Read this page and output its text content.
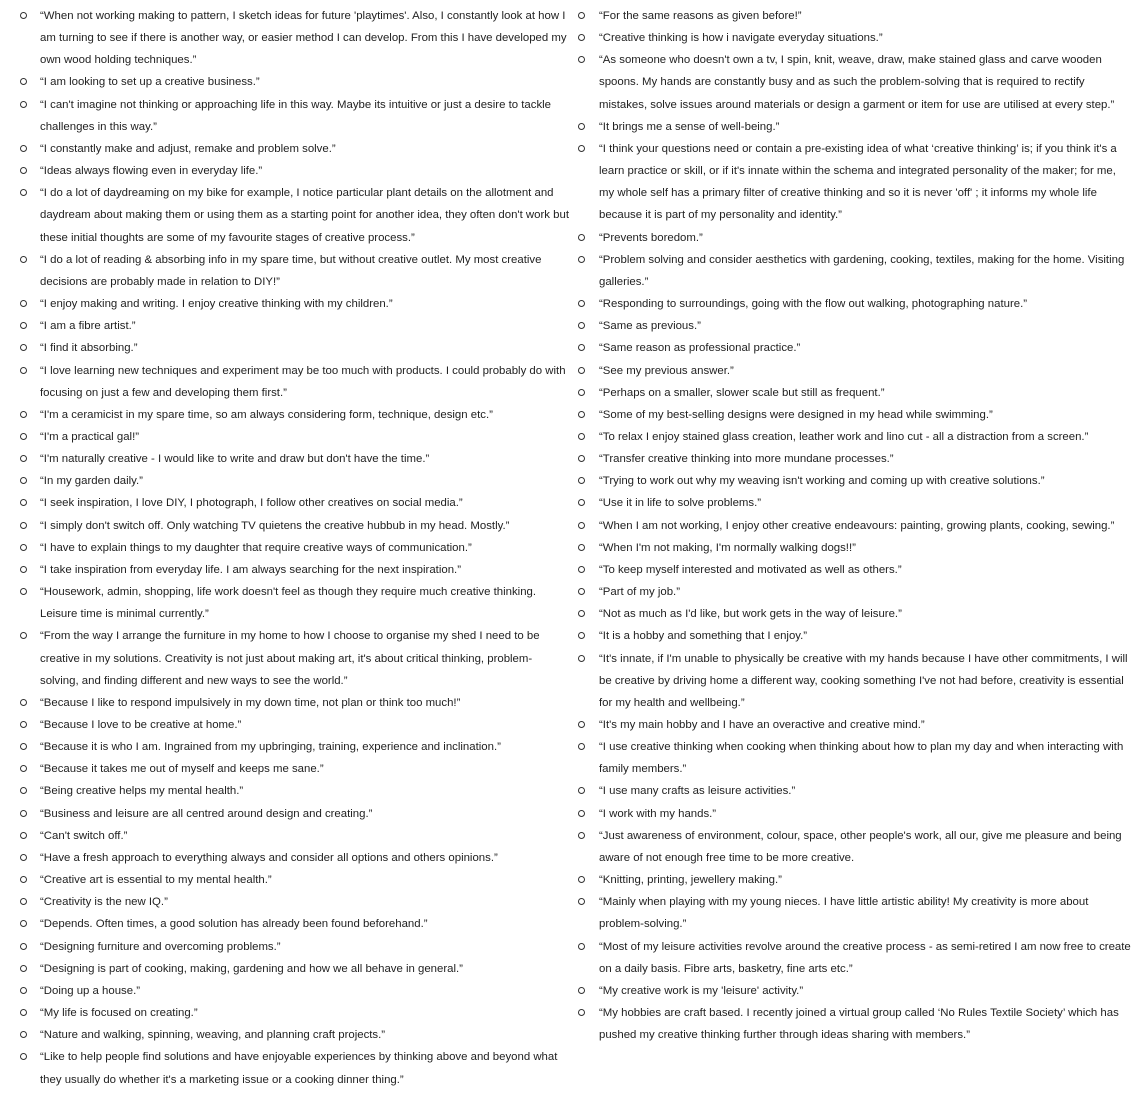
“When not working making to pattern, I sketch ideas for future 'playtimes'. Also, I constantly look at how I am turning to see if there is another way, or easier method I can develop. From this I have developed my own wood holding techniques.”
“I am looking to set up a creative business.”
“I can't imagine not thinking or approaching life in this way. Maybe its intuitive or just a desire to tackle challenges in this way.”
“I constantly make and adjust, remake and problem solve.”
“Ideas always flowing even in everyday life.”
“I do a lot of daydreaming on my bike for example, I notice particular plant details on the allotment and daydream about making them or using them as a starting point for another idea, they often don't work but these initial thoughts are some of my favourite stages of creative process.”
“I do a lot of reading & absorbing info in my spare time, but without creative outlet. My most creative decisions are probably made in relation to DIY!”
“I enjoy making and writing. I enjoy creative thinking with my children.”
“I am a fibre artist.”
“I find it absorbing.”
“I love learning new techniques and experiment may be too much with products. I could probably do with focusing on just a few and developing them first.”
“I'm a ceramicist in my spare time, so am always considering form, technique, design etc.”
“I'm a practical gal!”
“I'm naturally creative - I would like to write and draw but don't have the time.”
“In my garden daily.”
“I seek inspiration, I love DIY, I photograph, I follow other creatives on social media.”
“I simply don't switch off. Only watching TV quietens the creative hubbub in my head. Mostly.”
“I have to explain things to my daughter that require creative ways of communication.”
“I take inspiration from everyday life. I am always searching for the next inspiration.”
“Housework, admin, shopping, life work doesn't feel as though they require much creative thinking. Leisure time is minimal currently.”
“From the way I arrange the furniture in my home to how I choose to organise my shed I need to be creative in my solutions. Creativity is not just about making art, it's about critical thinking, problem-solving, and finding different and new ways to see the world.”
“Because I like to respond impulsively in my down time, not plan or think too much!”
“Because I love to be creative at home.”
“Because it is who I am. Ingrained from my upbringing, training, experience and inclination.”
“Because it takes me out of myself and keeps me sane.”
“Being creative helps my mental health.”
“Business and leisure are all centred around design and creating.”
“Can't switch off.”
“Have a fresh approach to everything always and consider all options and others opinions.”
“Creative art is essential to my mental health.”
“Creativity is the new IQ.”
“Depends. Often times, a good solution has already been found beforehand.”
“Designing furniture and overcoming problems.”
“Designing is part of cooking, making, gardening and how we all behave in general.”
“Doing up a house.”
“My life is focused on creating.”
“Nature and walking, spinning, weaving, and planning craft projects.”
“Like to help people find solutions and have enjoyable experiences by thinking above and beyond what they usually do whether it's a marketing issue or a cooking dinner thing.”
“For the same reasons as given before!”
“Creative thinking is how i navigate everyday situations.”
“As someone who doesn't own a tv, I spin, knit, weave, draw, make stained glass and carve wooden spoons. My hands are constantly busy and as such the problem-solving that is required to rectify mistakes, solve issues around materials or design a garment or item for use are utilised at every step.”
“It brings me a sense of well-being.”
“I think your questions need or contain a pre-existing idea of what ‘creative thinking’ is; if you think it's a learn practice or skill, or if it's innate within the schema and integrated personality of the maker; for me, my whole self has a primary filter of creative thinking and so it is never 'off' ; it informs my whole life because it is part of my personality and identity.”
“Prevents boredom.”
“Problem solving and consider aesthetics with gardening, cooking, textiles, making for the home. Visiting galleries.”
“Responding to surroundings, going with the flow out walking, photographing nature.”
“Same as previous.”
“Same reason as professional practice.”
“See my previous answer.”
“Perhaps on a smaller, slower scale but still as frequent.”
“Some of my best-selling designs were designed in my head while swimming.”
“To relax I enjoy stained glass creation, leather work and lino cut - all a distraction from a screen.”
“Transfer creative thinking into more mundane processes.”
“Trying to work out why my weaving isn't working and coming up with creative solutions.”
“Use it in life to solve problems.”
“When I am not working, I enjoy other creative endeavours: painting, growing plants, cooking, sewing.”
“When I'm not making, I'm normally walking dogs!!”
“To keep myself interested and motivated as well as others.”
“Part of my job.”
“Not as much as I'd like, but work gets in the way of leisure.”
“It is a hobby and something that I enjoy.”
“It's innate, if I'm unable to physically be creative with my hands because I have other commitments, I will be creative by driving home a different way, cooking something I've not had before, creativity is essential for my health and wellbeing.”
“It's my main hobby and I have an overactive and creative mind.”
“I use creative thinking when cooking when thinking about how to plan my day and when interacting with family members.”
“I use many crafts as leisure activities.”
“I work with my hands.”
“Just awareness of environment, colour, space, other people's work, all our, give me pleasure and being aware of not enough free time to be more creative.
“Knitting, printing, jewellery making.”
“Mainly when playing with my young nieces. I have little artistic ability! My creativity is more about problem-solving.”
“Most of my leisure activities revolve around the creative process - as semi-retired I am now free to create on a daily basis. Fibre arts, basketry, fine arts etc.”
“My creative work is my 'leisure' activity.”
“My hobbies are craft based. I recently joined a virtual group called ‘No Rules Textile Society’ which has pushed my creative thinking further through ideas sharing with members.”
